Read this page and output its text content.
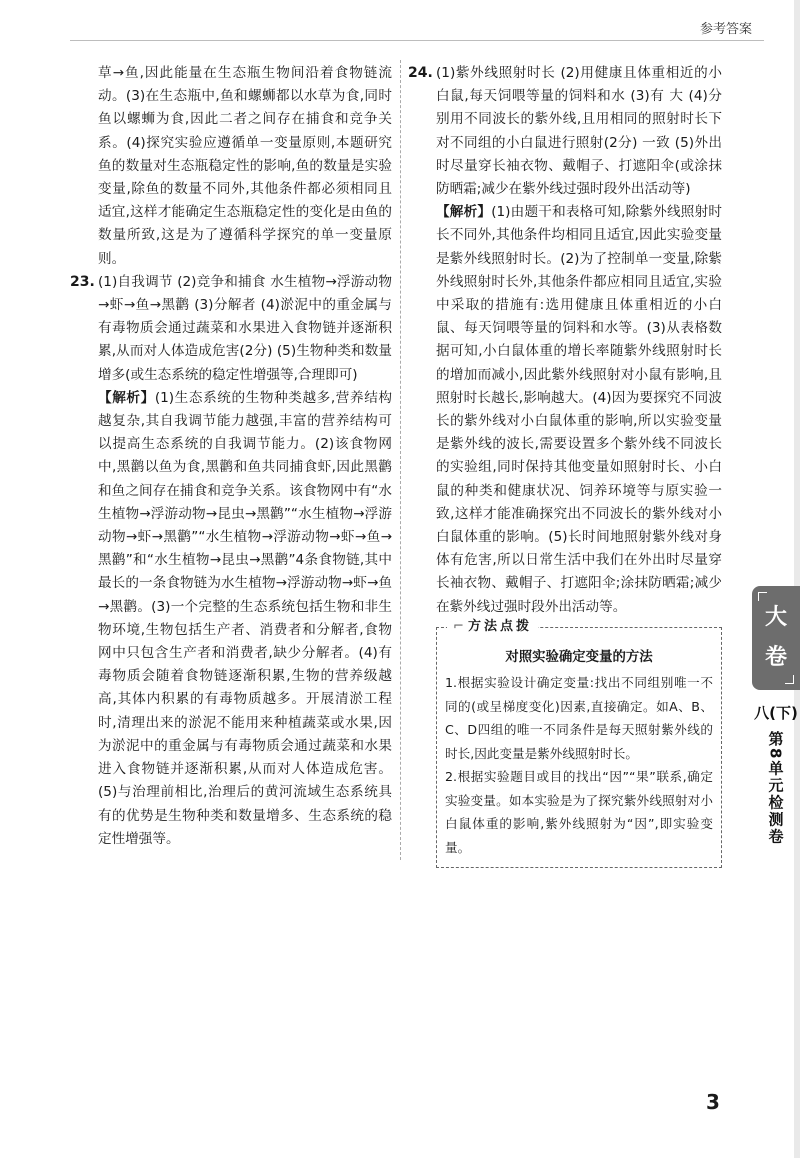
参考答案

草→鱼,因此能量在生态瓶生物间沿着食物链流动。(3)在生态瓶中,鱼和螺蛳都以水草为食,同时鱼以螺蛳为食,因此二者之间存在捕食和竞争关系。(4)探究实验应遵循单一变量原则,本题研究鱼的数量对生态瓶稳定性的影响,鱼的数量是实验变量,除鱼的数量不同外,其他条件都必须相同且适宜,这样才能确定生态瓶稳定性的变化是由鱼的数量所致,这是为了遵循科学探究的单一变量原则。

23. (1)自我调节 (2)竞争和捕食 水生植物→浮游动物→虾→鱼→黑鹳 (3)分解者 (4)淤泥中的重金属与有毒物质会通过蔬菜和水果进入食物链并逐渐积累,从而对人体造成危害(2分) (5)生物种类和数量增多(或生态系统的稳定性增强等,合理即可)

【解析】(1)生态系统的生物种类越多,营养结构越复杂,其自我调节能力越强,丰富的营养结构可以提高生态系统的自我调节能力。(2)该食物网中,黑鹳以鱼为食,黑鹳和鱼共同捕食虾,因此黑鹳和鱼之间存在捕食和竞争关系。该食物网中有“水生植物→浮游动物→昆虫→黑鹳”“水生植物→浮游动物→虾→黑鹳”“水生植物→浮游动物→虾→鱼→黑鹳”和“水生植物→昆虫→黑鹳”4条食物链,其中最长的一条食物链为水生植物→浮游动物→虾→鱼→黑鹳。(3)一个完整的生态系统包括生物和非生物环境,生物包括生产者、消费者和分解者,食物网中只包含生产者和消费者,缺少分解者。(4)有毒物质会随着食物链逐渐积累,生物的营养级越高,其体内积累的有毒物质越多。开展清淤工程时,清理出来的淤泥不能用来种植蔬菜或水果,因为淤泥中的重金属与有毒物质会通过蔬菜和水果进入食物链并逐渐积累,从而对人体造成危害。(5)与治理前相比,治理后的黄河流域生态系统具有的优势是生物种类和数量增多、生态系统的稳定性增强等。

24. (1)紫外线照射时长 (2)用健康且体重相近的小白鼠,每天饲喂等量的饲料和水 (3)有 大 (4)分别用不同波长的紫外线,且用相同的照射时长下对不同组的小白鼠进行照射(2分) 一致 (5)外出时尽量穿长袖衣物、戴帽子、打遮阳伞(或涂抹防晒霜;减少在紫外线过强时段外出活动等)

【解析】(1)由题干和表格可知,除紫外线照射时长不同外,其他条件均相同且适宜,因此实验变量是紫外线照射时长。(2)为了控制单一变量,除紫外线照射时长外,其他条件都应相同且适宜,实验中采取的措施有:选用健康且体重相近的小白鼠、每天饲喂等量的饲料和水等。(3)从表格数据可知,小白鼠体重的增长率随紫外线照射时长的增加而减小,因此紫外线照射对小鼠有影响,且照射时长越长,影响越大。(4)因为要探究不同波长的紫外线对小白鼠体重的影响,所以实验变量是紫外线的波长,需要设置多个紫外线不同波长的实验组,同时保持其他变量如照射时长、小白鼠的种类和健康状况、饲养环境等与原实验一致,这样才能准确探究出不同波长的紫外线对小白鼠体重的影响。(5)长时间地照射紫外线对身体有危害,所以日常生活中我们在外出时尽量穿长袖衣物、戴帽子、打遮阳伞;涂抹防晒霜;减少在紫外线过强时段外出活动等。

⌐ 方法点拨
对照实验确定变量的方法
1.根据实验设计确定变量:找出不同组别唯一不同的(或呈梯度变化)因素,直接确定。如A、B、C、D四组的唯一不同条件是每天照射紫外线的时长,因此变量是紫外线照射时长。
2.根据实验题目或目的找出“因”“果”联系,确定实验变量。如本实验是为了探究紫外线照射对小白鼠体重的影响,紫外线照射为“因”,即实验变量。
大
卷
八(下)
第8单元检测卷
3
